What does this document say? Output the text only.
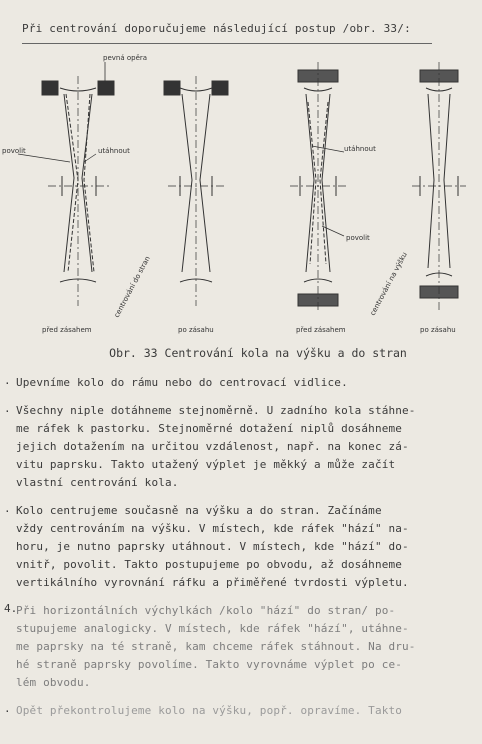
Při centrování doporučujeme následující postup /obr. 33/:
pevná opěra
povolit	utáhnout	utáhnout
povolit
centrování do stran	centrování na výšku
před zásahem	po zásahu	před zásahem	po zásahu
Obr. 33 Centrování kola na výšku a do stran
. Upevníme kolo do rámu nebo do centrovací vidlice.
. Všechny niple dotáhneme stejnoměrně. U zadního kola stáhne-
me ráfek k pastorku. Stejnoměrné dotažení niplů dosáhneme
jejich dotažením na určitou vzdálenost, např. na konec zá-
vitu paprsku. Takto utažený výplet je měkký a může začít
vlastní centrování kola.
. Kolo centrujeme současně na výšku a do stran. Začínáme
vždy centrováním na výšku. V místech, kde ráfek "hází" na-
horu, je nutno paprsky utáhnout. V místech, kde "hází" do-
vnitř, povolit. Takto postupujeme po obvodu, až dosáhneme
vertikálního vyrovnání ráfku a přiměřené tvrdosti výpletu.
4.
Při horizontálních výchylkách /kolo "hází" do stran/ po-
stupujeme analogicky. V místech, kde ráfek "hází", utáhne-
me paprsky na té straně, kam chceme ráfek stáhnout. Na dru-
hé straně paprsky povolíme. Takto vyrovnáme výplet po ce-
lém obvodu.
. Opět překontrolujeme kolo na výšku, popř. opravíme. Takto
